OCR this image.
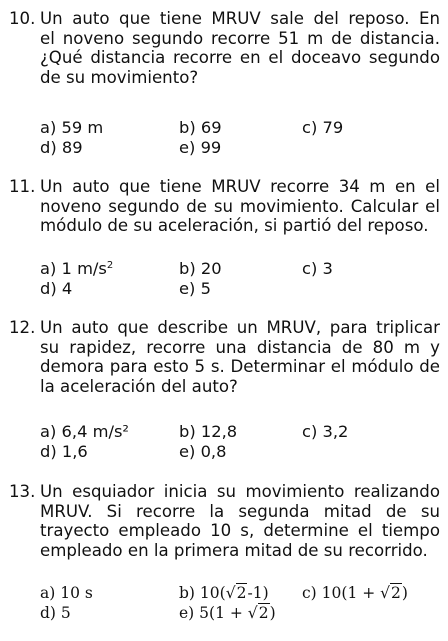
10. Un auto que tiene MRUV sale del reposo. En
el noveno segundo recorre 51 m de distancia.
¿Qué distancia recorre en el doceavo segundo
de su movimiento?
a) 59 m	b) 69	c) 79
d) 89	e) 99
11. Un auto que tiene MRUV recorre 34 m en el
noveno segundo de su movimiento. Calcular el
módulo de su aceleración, si partió del reposo.
a) 1 $m/s^2$	b) 20	c) 3
d) 4	e) 5
12. Un auto que describe un MRUV, para triplicar
su rapidez, recorre una distancia de 80 m y
demora para esto 5 s. Determinar el módulo de
la aceleración del auto?
a) 6,4 m/s²	b) 12,8	c) 3,2
d) 1,6	e) 0,8
13. Un esquiador inicia su movimiento realizando
MRUV. Si recorre la segunda mitad de su
trayecto empleado 10 s, determine el tiempo
empleado en la primera mitad de su recorrido.
a) 10 s	b) 10(√2-1) c) 10(1 + √2)
d) 5	e) 5(1 + √2)
